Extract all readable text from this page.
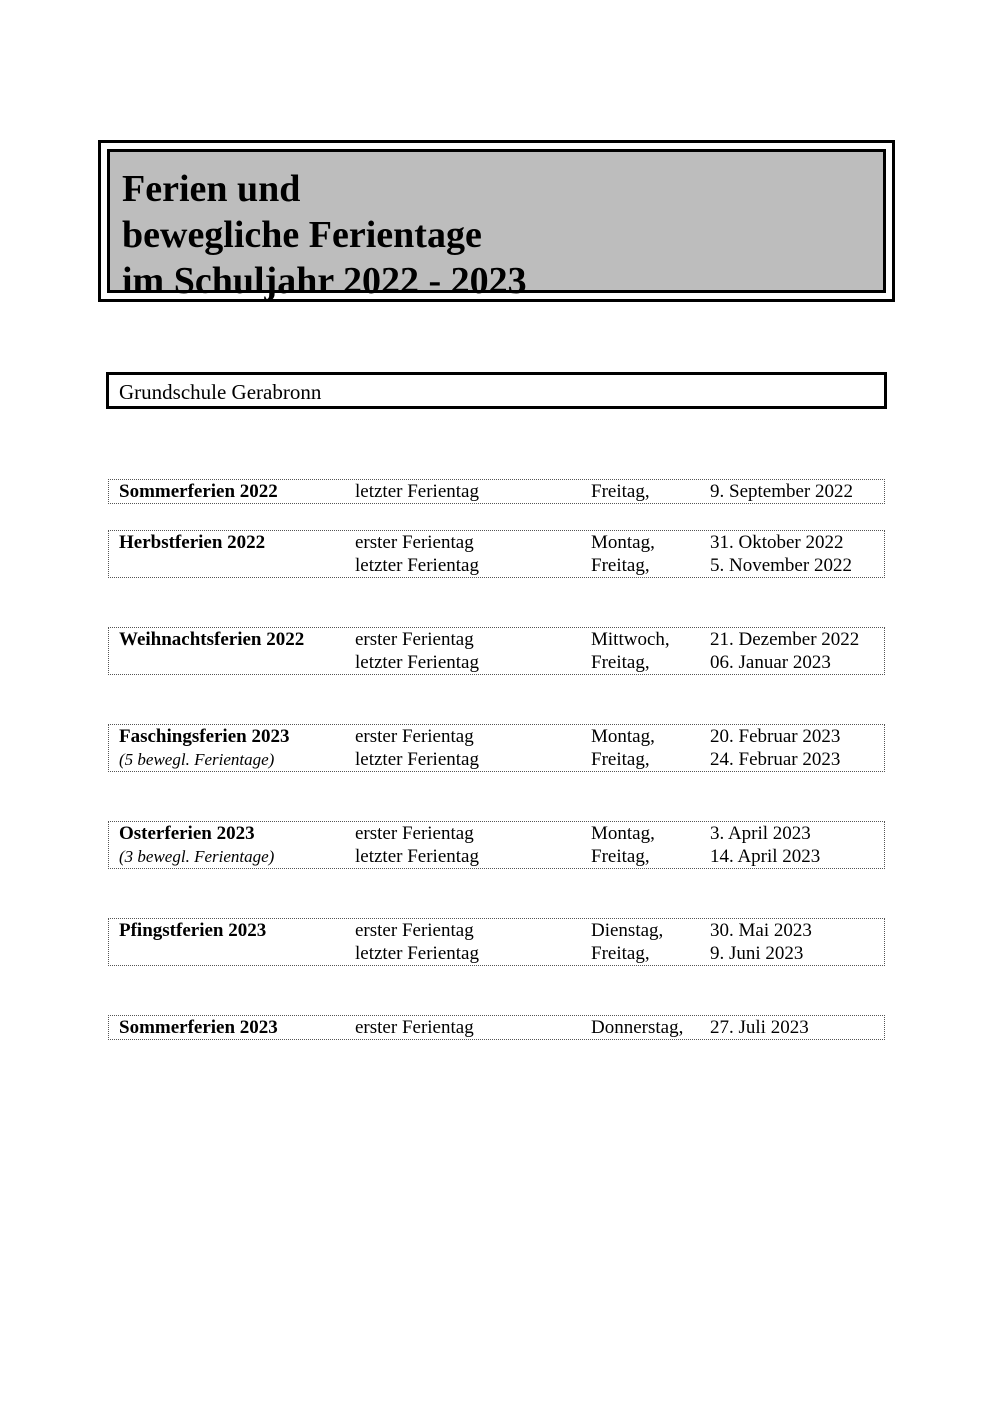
Ferien und
bewegliche Ferientage
im Schuljahr 2022 - 2023
Grundschule Gerabronn
Sommerferien 2022	letzter Ferientag	Freitag,	9. September 2022
Herbstferien 2022	erster Ferientag	Montag,	31. Oktober 2022
letzter Ferientag	Freitag,	5. November 2022
Weihnachtsferien 2022	erster Ferientag	Mittwoch, 21. Dezember 2022
letzter Ferientag	Freitag,	06. Januar 2023
Faschingsferien 2023	erster Ferientag	Montag,	20. Februar 2023
(5 bewegl. Ferientage)	letzter Ferientag	Freitag,	24. Februar 2023
Osterferien 2023	erster Ferientag	Montag,	3. April 2023
(3 bewegl. Ferientage)	letzter Ferientag	Freitag,	14. April 2023
Pfingstferien 2023	erster Ferientag	Dienstag, 30. Mai 2023
letzter Ferientag	Freitag,	9. Juni 2023
Sommerferien 2023	erster Ferientag	Donnerstag, 27. Juli 2023
